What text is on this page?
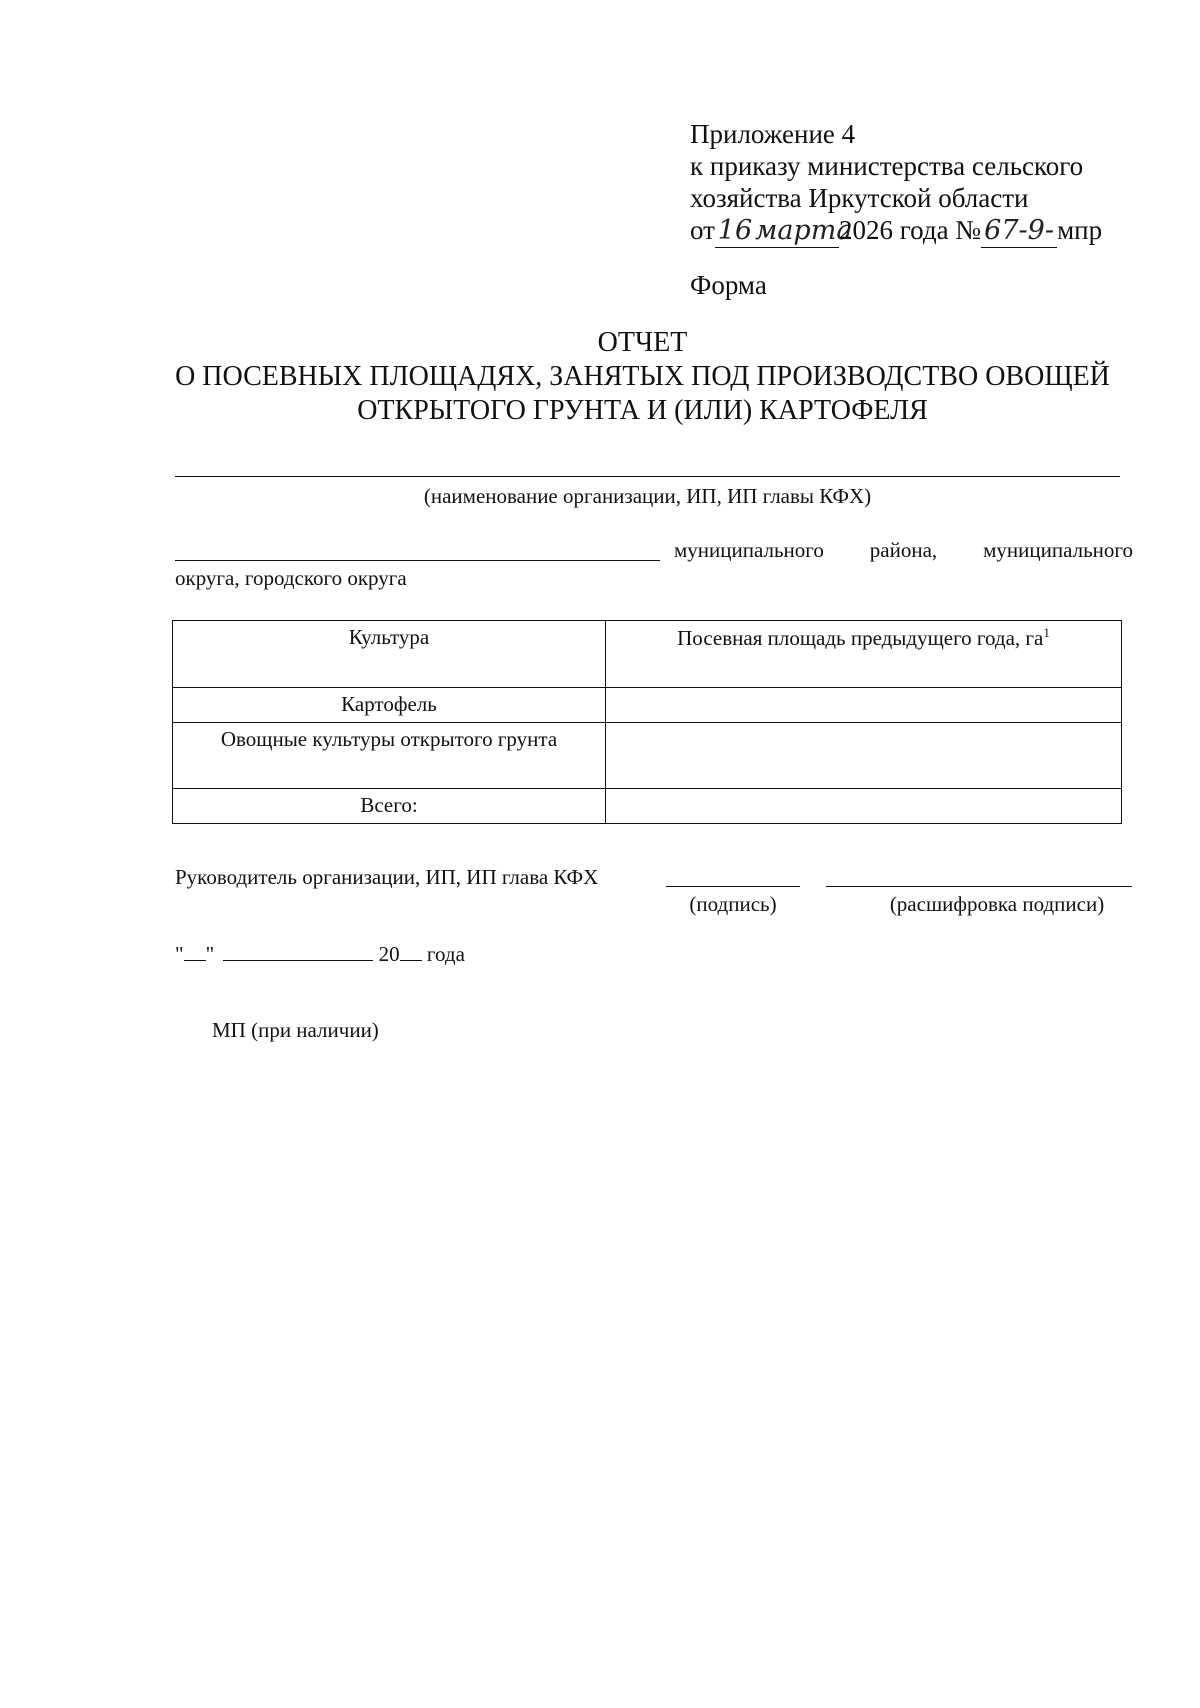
Приложение 4
к приказу министерства сельского
хозяйства Иркутской области
от 16 марта2026 года № 67-9- мпр
Форма
ОТЧЕТ
О ПОСЕВНЫХ ПЛОЩАДЯХ, ЗАНЯТЫХ ПОД ПРОИЗВОДСТВО ОВОЩЕЙ
ОТКРЫТОГО ГРУНТА И (ИЛИ) КАРТОФЕЛЯ
(наименование организации, ИП, ИП главы КФХ)
муниципального района, муниципального
округа, городского округа
Культура	Посевная площадь предыдущего года, $га^1$
Картофель	
Овощные культуры открытого грунта	
Всего:	
Руководитель организации, ИП, ИП глава КФХ
(подпись)	(расшифровка подписи)
" "	20 года
МП (при наличии)
